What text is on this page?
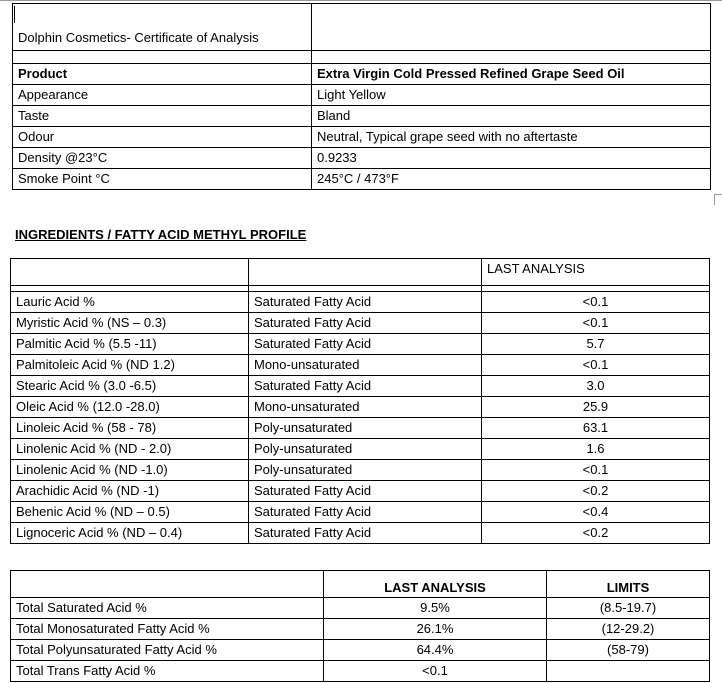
Dolphin Cosmetics- Certificate of Analysis	

Product	Extra Virgin Cold Pressed Refined Grape Seed Oil
Appearance	Light Yellow
Taste	Bland
Odour	Neutral, Typical grape seed with no aftertaste
Density @23°C	0.9233
Smoke Point °C	245°C / 473°F
INGREDIENTS / FATTY ACID METHYL PROFILE
		LAST ANALYSIS

Lauric Acid %	Saturated Fatty Acid	<0.1
Myristic Acid % (NS – 0.3)	Saturated Fatty Acid	<0.1
Palmitic Acid % (5.5 -11)	Saturated Fatty Acid	5.7
Palmitoleic Acid % (ND 1.2)	Mono-unsaturated	<0.1
Stearic Acid % (3.0 -6.5)	Saturated Fatty Acid	3.0
Oleic Acid % (12.0 -28.0)	Mono-unsaturated	25.9
Linoleic Acid % (58 - 78)	Poly-unsaturated	63.1
Linolenic Acid % (ND - 2.0)	Poly-unsaturated	1.6
Linolenic Acid % (ND -1.0)	Poly-unsaturated	<0.1
Arachidic Acid % (ND -1)	Saturated Fatty Acid	<0.2
Behenic Acid % (ND – 0.5)	Saturated Fatty Acid	<0.4
Lignoceric Acid % (ND – 0.4)	Saturated Fatty Acid	<0.2
	LAST ANALYSIS	LIMITS
Total Saturated Acid %	9.5%	(8.5-19.7)
Total Monosaturated Fatty Acid %	26.1%	(12-29.2)
Total Polyunsaturated Fatty Acid %	64.4%	(58-79)
Total Trans Fatty Acid %	<0.1	
